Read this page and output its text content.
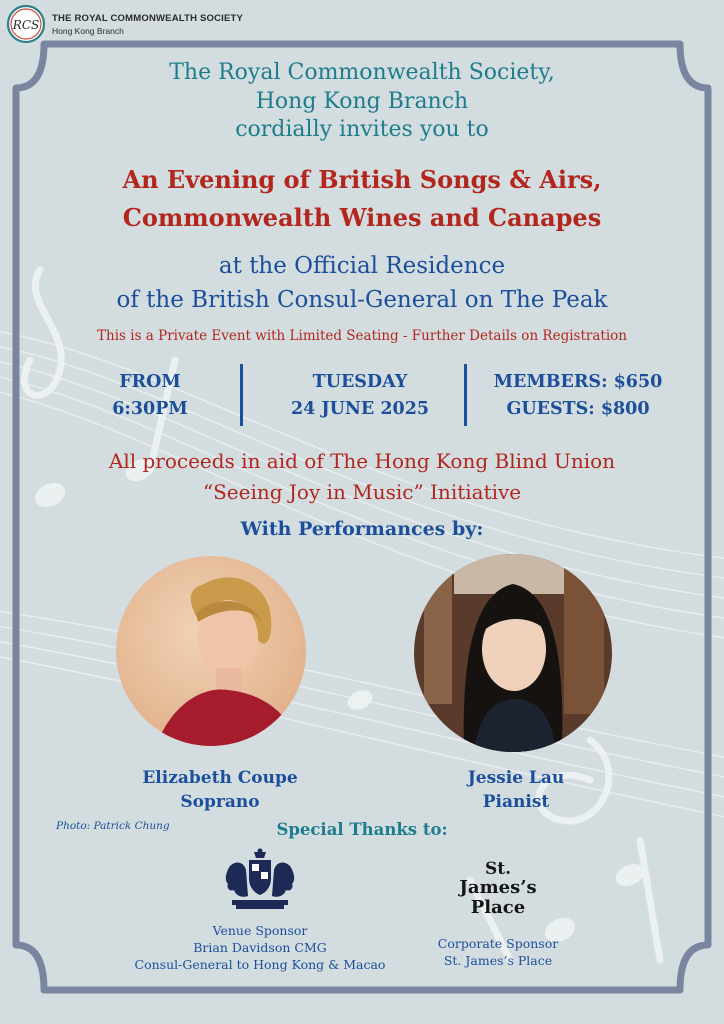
RCS THE ROYAL COMMONWEALTH SOCIETY
Hong Kong Branch

The Royal Commonwealth Society,

Hong Kong Branch

cordially invites you to

An Evening of British Songs & Airs,

Commonwealth Wines and Canapes

at the Official Residence

of the British Consul-General on The Peak

This is a Private Event with Limited Seating - Further Details on Registration

FROM
6:30PM
TUESDAY
24 JUNE 2025
MEMBERS: $650
GUESTS: $800

All proceeds in aid of The Hong Kong Blind Union

“Seeing Joy in Music” Initiative

With Performances by:

Elizabeth Coupe
Soprano
Jessie Lau
Pianist
Photo: Patrick Chung	Special Thanks to:

Venue Sponsor
Brian Davidson CMG
Consul-General to Hong Kong & Macao
St.
James’s
Place
Corporate Sponsor
St. James’s Place
